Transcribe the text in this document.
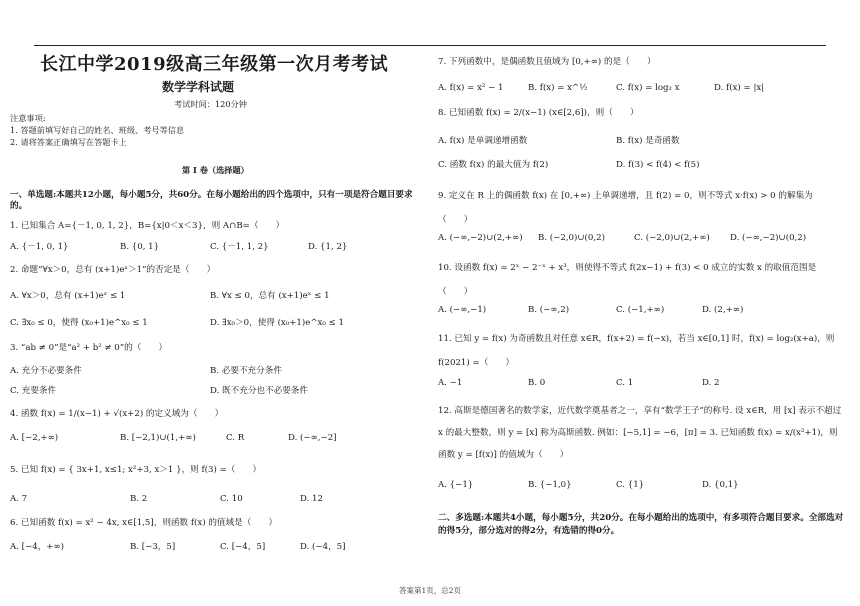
长江中学2019级高三年级第一次月考考试
数学学科试题
考试时间：120分钟
注意事项:
1. 答题前填写好自己的姓名、班级、考号等信息
2. 请将答案正确填写在答题卡上
第 I 卷（选择题）
一、单选题:本题共12小题，每小题5分，共60分。在每小题给出的四个选项中，只有一项是符合题目要求的。
1. 已知集合 A={－1, 0, 1, 2}，B={x|0＜x＜3}，则 A∩B=（　　）
A. {－1, 0, 1}	B. {0, 1}	C. {－1, 1, 2}	D. {1, 2}
2. 命题“∀x＞0，总有 (x+1)eˣ＞1”的否定是（　　）
A. ∀x＞0，总有 (x+1)eˣ ≤ 1	B. ∀x ≤ 0，总有 (x+1)eˣ ≤ 1
C. ∃x₀ ≤ 0，使得 (x₀+1)e^x₀ ≤ 1	D. ∃x₀＞0，使得 (x₀+1)e^x₀ ≤ 1
3. “ab ≠ 0”是“a² + b² ≠ 0”的（　　）
A. 充分不必要条件	B. 必要不充分条件
C. 充要条件	D. 既不充分也不必要条件
4. 函数 f(x) = 1/(x−1) + √(x+2) 的定义域为（　　）
A. [−2,+∞)	B. [−2,1)∪(1,+∞)	C. R	D. (−∞,−2]
5. 已知 f(x) = { 3x+1, x≤1; x²+3, x＞1 }，则 f(3) =（　　）
A. 7	B. 2	C. 10	D. 12
6. 已知函数 f(x) = x² − 4x, x∈[1,5]，则函数 f(x) 的值域是（　　）
A. [−4，+∞)	B. [−3，5]	C. [−4，5]	D. (−4，5]
7. 下列函数中，是偶函数且值域为 [0,+∞) 的是（　　）
A. f(x) = x² − 1	B. f(x) = x^½	C. f(x) = log₂ x	D. f(x) = |x|
8. 已知函数 f(x) = 2/(x−1) (x∈[2,6])，则（　　）
A. f(x) 是单调递增函数	B. f(x) 是奇函数
C. 函数 f(x) 的最大值为 f(2)	D. f(3) < f(4) < f(5)
9. 定义在 R 上的偶函数 f(x) 在 [0,+∞) 上单调递增，且 f(2) = 0，则不等式 x·f(x) > 0 的解集为（　　）
A. (−∞,−2)∪(2,+∞) B. (−2,0)∪(0,2)	C. (−2,0)∪(2,+∞) D. (−∞,−2)∪(0,2)
10. 设函数 f(x) = 2ˣ − 2⁻ˣ + x³，则使得不等式 f(2x−1) + f(3) < 0 成立的实数 x 的取值范围是（　　）
A. (−∞,−1)	B. (−∞,2)	C. (−1,+∞)	D. (2,+∞)
11. 已知 y = f(x) 为奇函数且对任意 x∈R，f(x+2) = f(−x)，若当 x∈[0,1] 时，f(x) = log₂(x+a)，则 f(2021) =（　　）
A. −1	B. 0	C. 1	D. 2
12. 高斯是德国著名的数学家，近代数学奠基者之一，享有“数学王子”的称号. 设 x∈R，用 [x] 表示不超过 x 的最大整数，则 y = [x] 称为高斯函数. 例如：[−5,1] = −6，[π] = 3. 已知函数 f(x) = x/(x²+1)，则函数 y = [f(x)] 的值域为（　　）
A. {−1}	B. {−1,0}	C. {1}	D. {0,1}
二、多选题:本题共4小题，每小题5分，共20分。在每小题给出的选项中，有多项符合题目要求。全部选对的得5分，部分选对的得2分，有选错的得0分。
答案第1页，总2页
